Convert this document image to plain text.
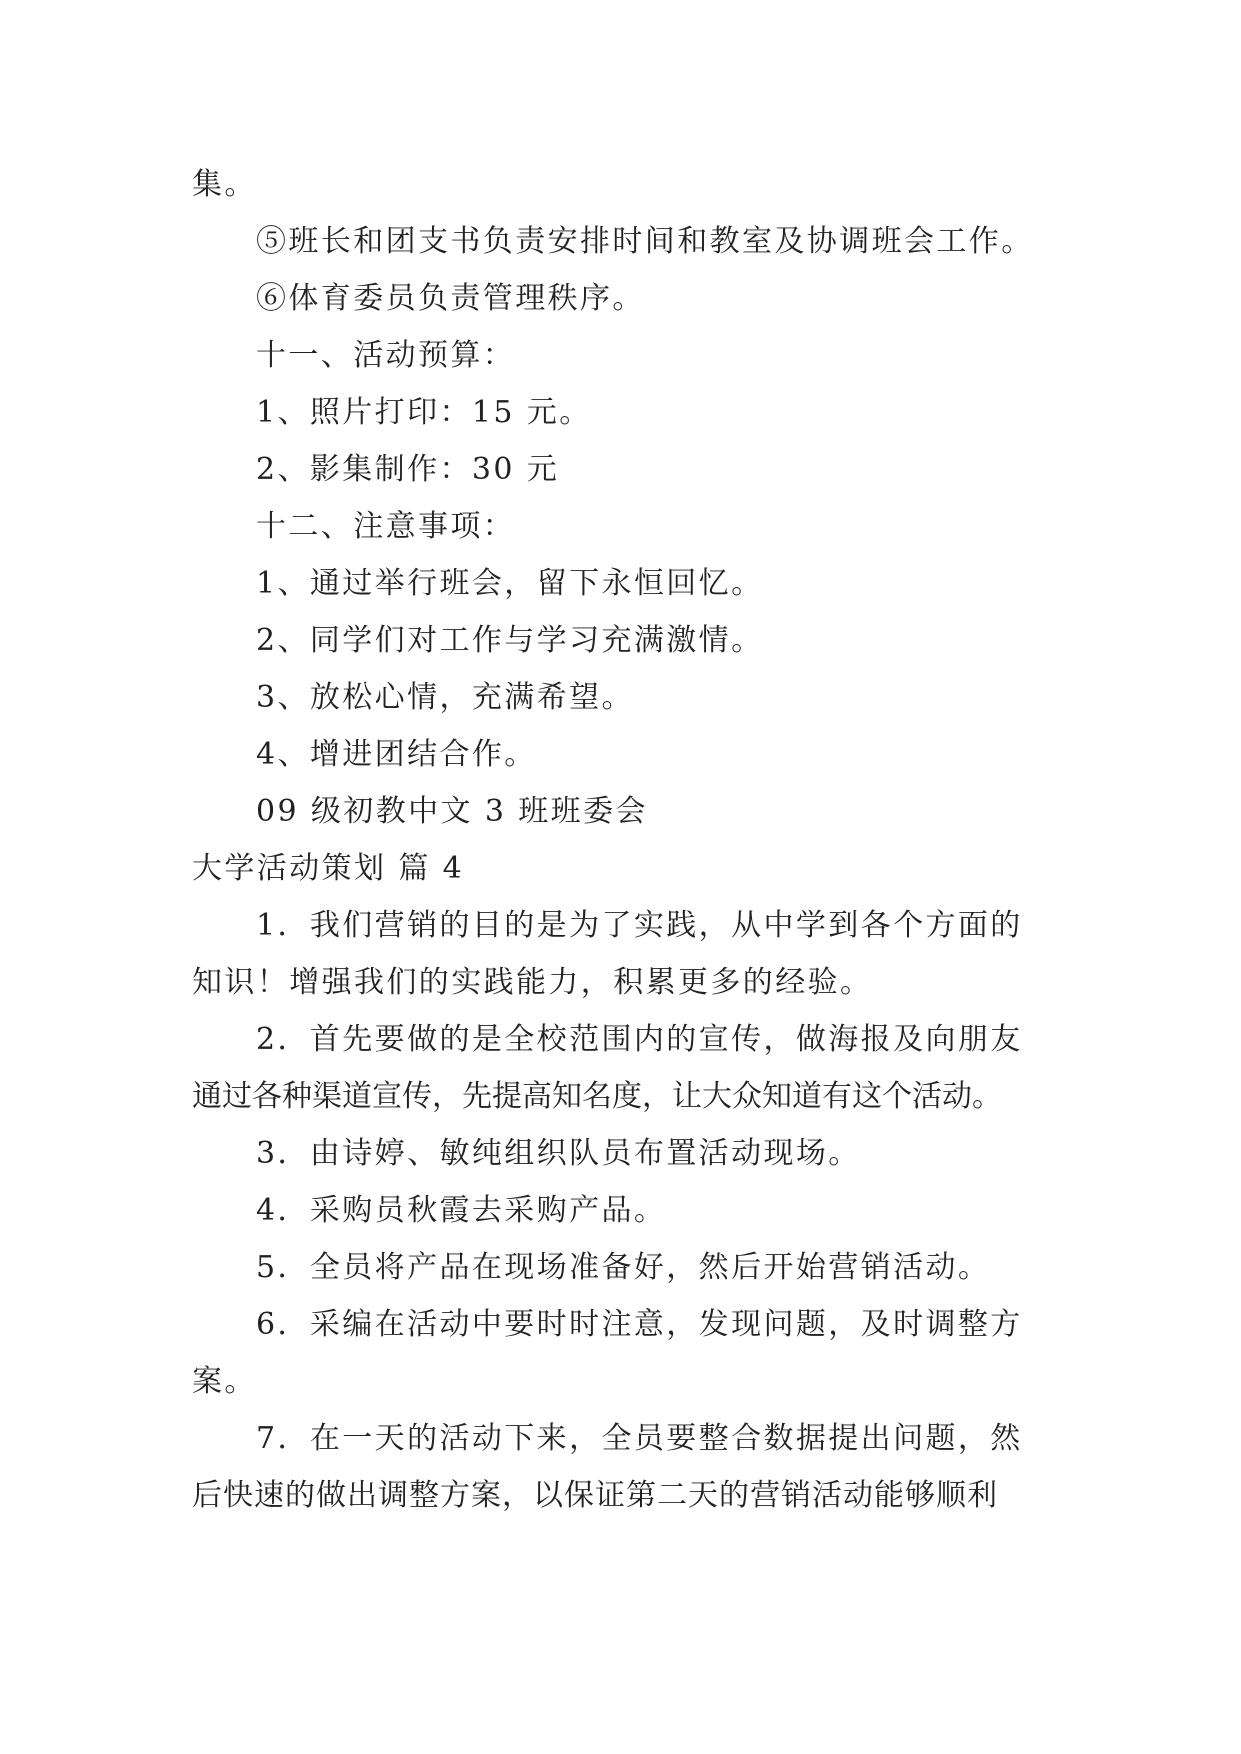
集。
⑤班长和团支书负责安排时间和教室及协调班会工作。
⑥体育委员负责管理秩序。
十一、活动预算：
1、照片打印：15 元。
2、影集制作：30 元
十二、注意事项：
1、通过举行班会，留下永恒回忆。
2、同学们对工作与学习充满激情。
3、放松心情，充满希望。
4、增进团结合作。
09 级初教中文 3 班班委会
大学活动策划 篇 4
1．我们营销的目的是为了实践，从中学到各个方面的
知识！增强我们的实践能力，积累更多的经验。
2．首先要做的是全校范围内的宣传，做海报及向朋友
通过各种渠道宣传，先提高知名度，让大众知道有这个活动。
3．由诗婷、敏纯组织队员布置活动现场。
4．采购员秋霞去采购产品。
5．全员将产品在现场准备好，然后开始营销活动。
6．采编在活动中要时时注意，发现问题，及时调整方
案。
7．在一天的活动下来，全员要整合数据提出问题，然
后快速的做出调整方案，以保证第二天的营销活动能够顺利
